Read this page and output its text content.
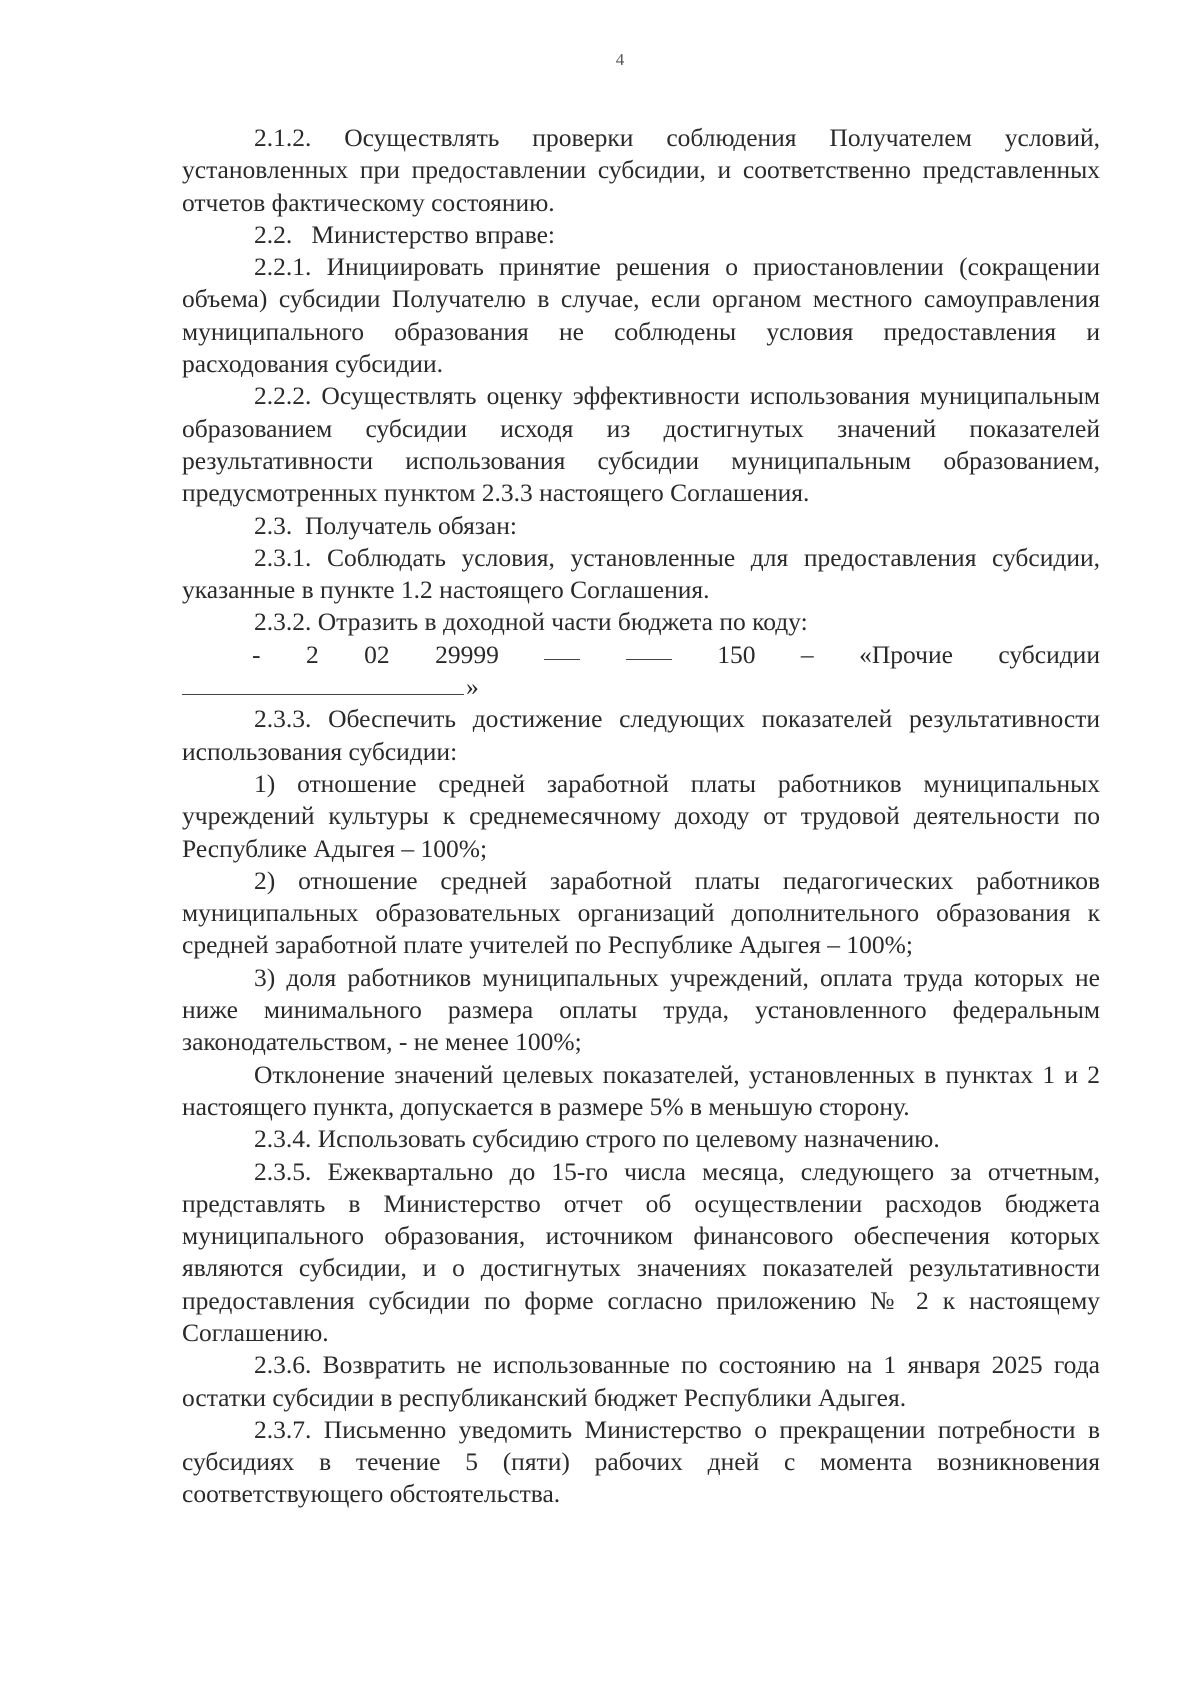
4

2.1.2. Осуществлять проверки соблюдения Получателем условий, установленных при предоставлении субсидии, и соответственно представленных отчетов фактическому состоянию.

2.2.   Министерство вправе:

2.2.1. Инициировать принятие решения о приостановлении (сокращении объема) субсидии Получателю в случае, если органом местного самоуправления муниципального образования не соблюдены условия предоставления и расходования субсидии.

2.2.2. Осуществлять оценку эффективности использования муниципальным образованием субсидии исходя из достигнутых значений показателей результативности использования субсидии муниципальным образованием, предусмотренных пунктом 2.3.3 настоящего Соглашения.

2.3.  Получатель обязан:

2.3.1. Соблюдать условия, установленные для предоставления субсидии, указанные в пункте 1.2 настоящего Соглашения.

2.3.2. Отразить в доходной части бюджета по коду:

- 2 02 29999	150 – «Прочие субсидии

»

2.3.3. Обеспечить достижение следующих показателей результативности использования субсидии:

1) отношение средней заработной платы работников муниципальных учреждений культуры к среднемесячному доходу от трудовой деятельности по Республике Адыгея – 100%;

2) отношение средней заработной платы педагогических работников муниципальных образовательных организаций дополнительного образования к средней заработной плате учителей по Республике Адыгея – 100%;

3) доля работников муниципальных учреждений, оплата труда которых не ниже минимального размера оплаты труда, установленного федеральным законодательством, - не менее 100%;

Отклонение значений целевых показателей, установленных в пунктах 1 и 2 настоящего пункта, допускается в размере 5% в меньшую сторону.

2.3.4. Использовать субсидию строго по целевому назначению.

2.3.5. Ежеквартально до 15-го числа месяца, следующего за отчетным, представлять в Министерство отчет об осуществлении расходов бюджета муниципального образования, источником финансового обеспечения которых являются субсидии, и о достигнутых значениях показателей результативности предоставления субсидии по форме согласно приложению № 2 к настоящему Соглашению.

2.3.6. Возвратить не использованные по состоянию на 1 января 2025 года остатки субсидии в республиканский бюджет Республики Адыгея.

2.3.7. Письменно уведомить Министерство о прекращении потребности в субсидиях в течение 5 (пяти) рабочих дней с момента возникновения соответствующего обстоятельства.
